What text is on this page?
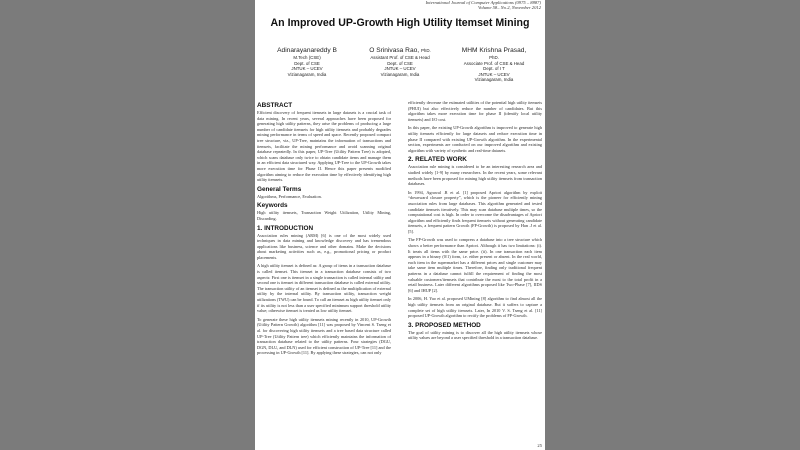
International Journal of Computer Applications (0975 – 8887)
Volume 58– No.2, November 2012
An Improved UP-Growth High Utility Itemset Mining
Adinarayanareddy B
M.Tech (CSE)
Dept. of CSE
JNTUK – UCEV
Vizianagaram, India
O Srinivasa Rao, PhD.
Assistant Prof. of CSE & Head
Dept. of CSE
JNTUK – UCEV
Vizianagaram, India
MHM Krishna Prasad,
PhD.
Associate Prof. of CSE & Head
Dept. of I T
JNTUK – UCEV
Vizianagaram, India
ABSTRACT

Efficient discovery of frequent itemsets in large datasets is a crucial task of data mining. In recent years, several approaches have been proposed for generating high utility patterns, they arise the problems of producing a large number of candidate itemsets for high utility itemsets and probably degrades mining performance in terms of speed and space. Recently proposed compact tree structure, viz., UP-Tree, maintains the information of transactions and itemsets, facilitate the mining performance and avoid scanning original database repeatedly. In this paper, UP-Tree (Utility Pattern Tree) is adopted, which scans database only twice to obtain candidate items and manage them in an efficient data structured way. Applying UP-Tree to the UP-Growth takes more execution time for Phase II. Hence this paper presents modified algorithm aiming to reduce the execution time by effectively identifying high utility itemsets.

General Terms

Algorithms, Performance, Evaluation.

Keywords

High utility itemsets, Transaction Weight Utilization, Utility Mining, Discarding.

1. INTRODUCTION

Association rules mining (ARM) [6] is one of the most widely used techniques in data mining and knowledge discovery and has tremendous applications like business, science and other domains. Make the decisions about marketing activities such as, e.g., promotional pricing or product placements.

A high utility itemset is defined as: A group of items in a transaction database is called itemset. This itemset in a transaction database consists of two aspects: First one is itemset in a single transaction is called internal utility and second one is itemset in different transaction database is called external utility. The transaction utility of an itemset is defined as the multiplication of external utility by the internal utility. By transaction utility, transaction weight utilizations (TWU) can be found. To call an itemset as high utility itemset only if its utility is not less than a user specified minimum support threshold utility value; otherwise itemset is treated as low utility itemset.

To generate these high utility itemsets mining recently in 2010, UP-Growth (Utility Pattern Growth) algorithm [11] was proposed by Vincent S. Tseng et al. for discovering high utility itemsets and a tree based data structure called UP-Tree (Utility Pattern tree) which efficiently maintains the information of transaction database related to the utility patterns. Four strategies (DGU, DGN, DLU, and DLN) used for efficient construction of UP-Tree [11] and the processing in UP-Growth [11]. By applying these strategies, can not only

efficiently decrease the estimated utilities of the potential high utility itemsets (PHUI) but also effectively reduce the number of candidates. But this algorithm takes more execution time for phase II (identify local utility itemsets) and I/O cost.

In this paper, the existing UP-Growth algorithm is improved to generate high utility itemsets efficiently for large datasets and reduce execution time in phase II compared with existing UP-Growth algorithm. In the experimental section, experiments are conducted on our improved algorithm and existing algorithm with variety of synthetic and real-time datasets.

2. RELATED WORK

Association rule mining is considered to be an interesting research area and studied widely [1-9] by many researchers. In the recent years, some relevant methods have been proposed for mining high utility itemsets from transaction databases.

In 1994, Agrawal .R et al. [1] proposed Apriori algorithm by exploit “downward closure property”, which is the pioneer for efficiently mining association rules from large databases. This algorithm generated and tested candidate itemsets iteratively. This may scan database multiple times, so the computational cost is high. In order to overcome the disadvantages of Apriori algorithm and efficiently finds frequent itemsets without generating candidate itemsets, a frequent pattern Growth (FP-Growth) is proposed by Han .J et al. [5].

The FP-Growth was used to compress a database into a tree structure which shows a better performance than Apriori. Although it has two limitations: (i). It treats all items with the same price. (ii). In one transaction each item appears in a binary (0/1) form, i.e. either present or absent. In the real world, each item in the supermarket has a different prices and single customer may take same item multiple times. Therefore, finding only traditional frequent patterns in a database cannot fulfill the requirement of finding the most valuable customers/itemsets that contribute the most to the total profit in a retail business. Later different algorithms proposed like Two-Phase [7], IIDS [6] and IHUP [2].

In 2006, H. Yao et al. proposed UMining [8] algorithm to find almost all the high utility itemsets from an original database. But it suffers to capture a complete set of high utility itemsets. Later, In 2010 V. S. Tseng et al. [11] proposed UP-Growth algorithm to rectify the problems of FP-Growth.

3. PROPOSED METHOD

The goal of utility mining is to discover all the high utility itemsets whose utility values are beyond a user specified threshold in a transaction database.

25
